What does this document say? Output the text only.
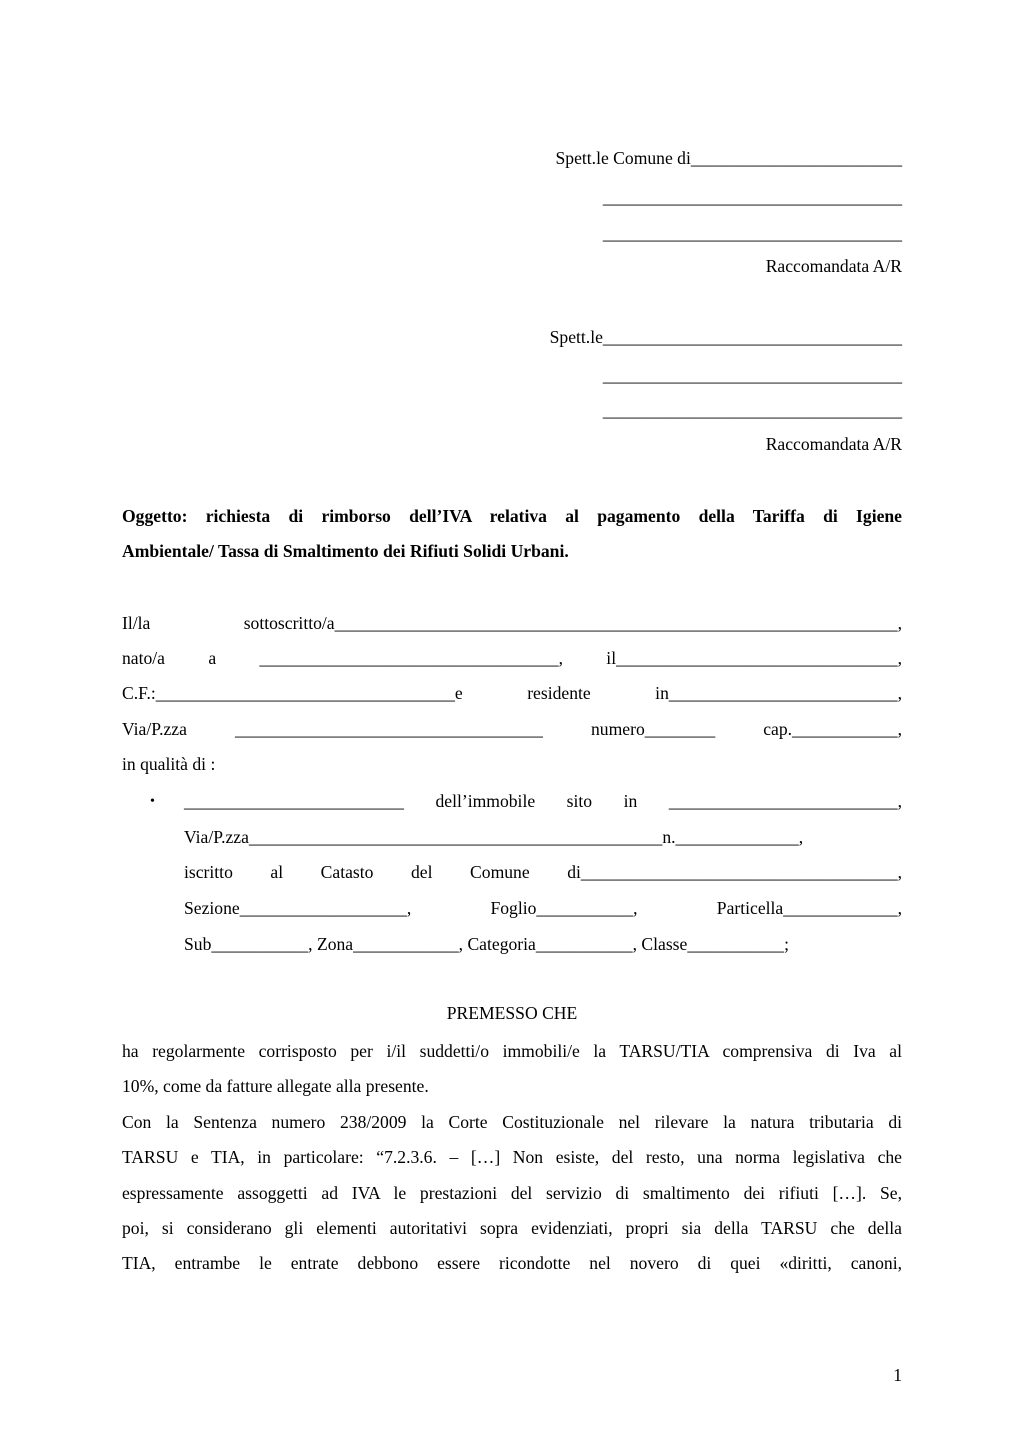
Spett.le Comune di________________________
__________________________________
__________________________________
Raccomandata A/R
Spett.le__________________________________
__________________________________
__________________________________
Raccomandata A/R
Oggetto: richiesta di rimborso dell’IVA relativa al pagamento della Tariffa di Igiene
Ambientale/ Tassa di Smaltimento dei Rifiuti Solidi Urbani.
Il/la sottoscritto/a________________________________________________________________,
nato/a a __________________________________, il________________________________,
C.F.:__________________________________e residente in__________________________,
Via/P.zza ___________________________________ numero________ cap.____________,
in qualità di :
• _________________________ dell’immobile sito in __________________________,
Via/P.zza_______________________________________________n.______________,
iscritto al Catasto del Comune di____________________________________,
Sezione___________________, Foglio___________, Particella_____________,
Sub___________, Zona____________, Categoria___________, Classe___________;
PREMESSO CHE
ha regolarmente corrisposto per i/il suddetti/o immobili/e la TARSU/TIA comprensiva di Iva al
10%, come da fatture allegate alla presente.
Con la Sentenza numero 238/2009 la Corte Costituzionale nel rilevare la natura tributaria di
TARSU e TIA, in particolare: “7.2.3.6. – […] Non esiste, del resto, una norma legislativa che
espressamente assoggetti ad IVA le prestazioni del servizio di smaltimento dei rifiuti […]. Se,
poi, si considerano gli elementi autoritativi sopra evidenziati, propri sia della TARSU che della
TIA, entrambe le entrate debbono essere ricondotte nel novero di quei «diritti, canoni,
1
